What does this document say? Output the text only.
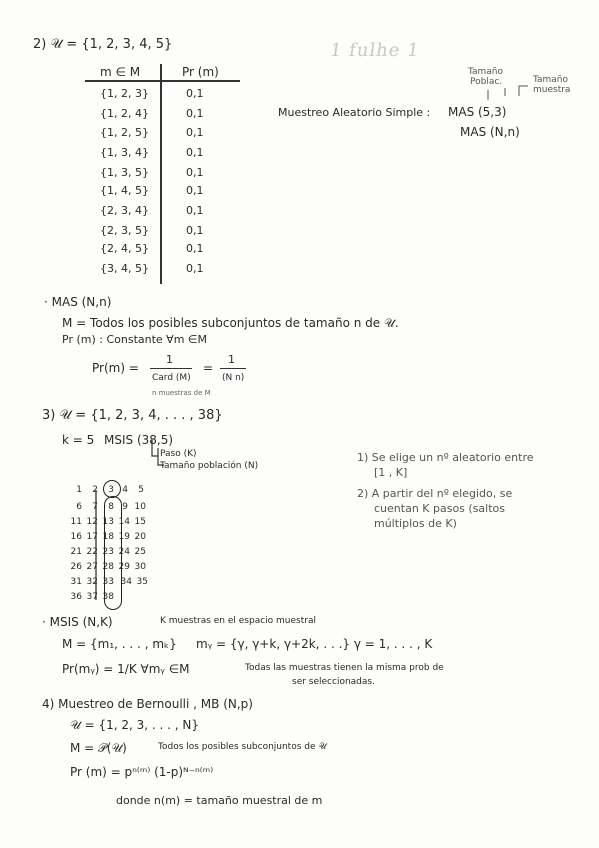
1 fulhe 1
2) 𝒰 = {1, 2, 3, 4, 5}
m ∈ M	Pr (m)
{1, 2, 3}	0,1
{1, 2, 4}	0,1
{1, 2, 5}	0,1
{1, 3, 4}	0,1
{1, 3, 5}	0,1
{1, 4, 5}	0,1
{2, 3, 4}	0,1
{2, 3, 5}	0,1
{2, 4, 5}	0,1
{3, 4, 5}	0,1
Tamaño
Poblac.	Tamaño
muestra
Muestreo Aleatorio Simple : MAS (5,3)
MAS (N,n)
· MAS (N,n)
M = Todos los posibles subconjuntos de tamaño n de 𝒰.
Pr (m) : Constante ∀m ∈M
Pr(m) =
1
Card (M)
=
1
(N n)
n muestras de M
3) 𝒰 = {1, 2, 3, 4, . . . , 38}
k = 5 MSIS (38,5)
Paso (K)
Tamaño población (N)
1	2	3 4	5
6	7	8 9 10
11 12 13 14 15
16 17 18 19 20
21 22 23 24 25
26 27 28 29 30
31 32 33 34 35
36 37 38
1) Se elige un nº aleatorio entre
[1 , K]
2) A partir del nº elegido, se
cuentan K pasos (saltos
múltiplos de K)
· MSIS (N,K)	K muestras en el espacio muestral
M = {m₁, . . . , mₖ} mᵧ = {γ, γ+k, γ+2k, . . .} γ = 1, . . . , K
Pr(mᵧ) = 1/K ∀mᵧ ∈M	Todas las muestras tienen la misma prob de
ser seleccionadas.
4) Muestreo de Bernoulli , MB (N,p)
𝒰 = {1, 2, 3, . . . , N}
M = 𝒫(𝒰)	Todos los posibles subconjuntos de 𝒰
Pr (m) = pⁿ⁽ᵐ⁾ (1-p)ᴺ⁻ⁿ⁽ᵐ⁾
donde n(m) = tamaño muestral de m
